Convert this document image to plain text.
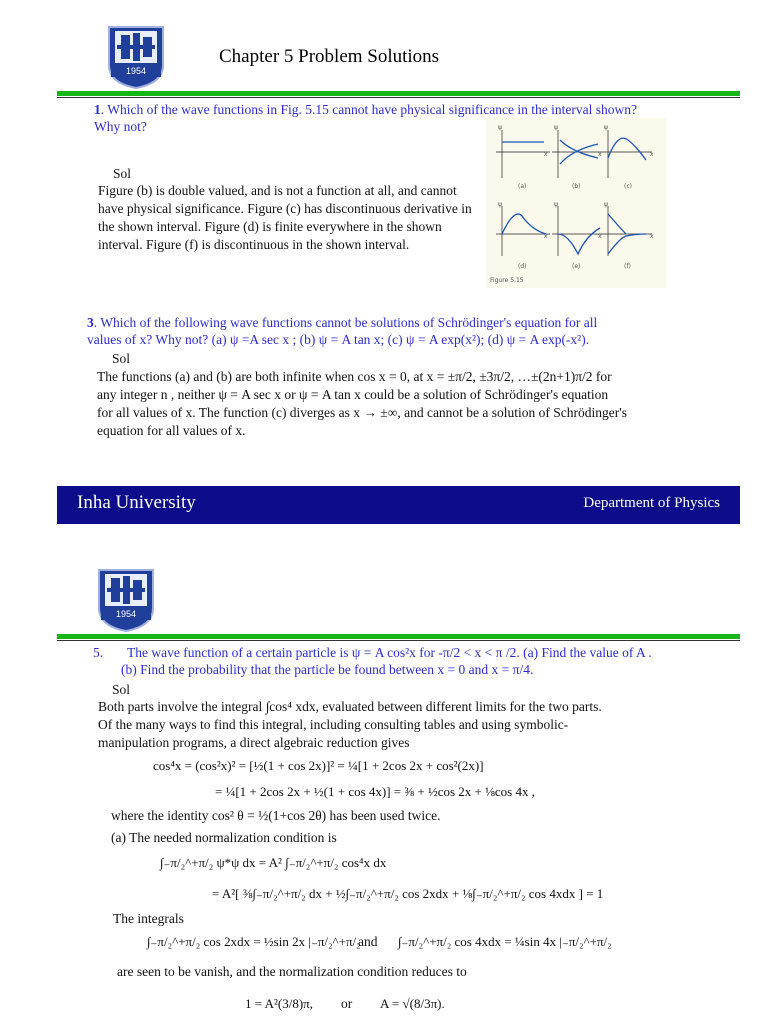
1954
Chapter 5 Problem Solutions
1. Which of the wave functions in Fig. 5.15 cannot have physical significance in the interval shown? Why not?
Sol
Figure (b) is double valued, and is not a function at all, and cannot have physical significance. Figure (c) has discontinuous derivative in the shown interval. Figure (d) is finite everywhere in the shown interval. Figure (f) is discontinuous in the shown interval.
ψ	ψ	ψ
ψ	ψ	ψ
x	x	x
x	x	x
(a)	(b)	(c)
(d)	(e)	(f)
Figure 5.15
3. Which of the following wave functions cannot be solutions of Schrödinger's equation for all
values of x? Why not? (a) ψ =A sec x ; (b) ψ = A tan x; (c) ψ = A exp(x²); (d) ψ = A exp(-x²).
Sol
The functions (a) and (b) are both infinite when cos x = 0, at x = ±π/2, ±3π/2, …±(2n+1)π/2 for
any integer n , neither ψ = A sec x or ψ = A tan x could be a solution of Schrödinger's equation
for all values of x. The function (c) diverges as x → ±∞, and cannot be a solution of Schrödinger's
equation for all values of x.
Inha University	Department of Physics
1954
5. The wave function of a certain particle is ψ = A cos²x for -π/2 < x < π /2. (a) Find the value of A .
(b) Find the probability that the particle be found between x = 0 and x = π/4.
Sol
Both parts involve the integral ∫cos⁴ xdx, evaluated between different limits for the two parts.
Of the many ways to find this integral, including consulting tables and using symbolic-
manipulation programs, a direct algebraic reduction gives
cos⁴x = (cos²x)² = [½(1 + cos 2x)]² = ¼[1 + 2cos 2x + cos²(2x)]
= ¼[1 + 2cos 2x + ½(1 + cos 4x)] = ⅜ + ½cos 2x + ⅛cos 4x ,
where the identity cos² θ = ½(1+cos 2θ) has been used twice.
(a) The needed normalization condition is
∫₋π/₂^+π/₂ ψ*ψ dx = A² ∫₋π/₂^+π/₂ cos⁴x dx
= A²[ ⅜∫₋π/₂^+π/₂ dx + ½∫₋π/₂^+π/₂ cos 2xdx + ⅛∫₋π/₂^+π/₂ cos 4xdx ] = 1
The integrals
∫₋π/₂^+π/₂ cos 2xdx = ½sin 2x |₋π/₂^+π/₂
and ∫₋π/₂^+π/₂ cos 4xdx = ¼sin 4x |₋π/₂^+π/₂
are seen to be vanish, and the normalization condition reduces to
1 = A²(3/8)π, or A = √(8/3π).
